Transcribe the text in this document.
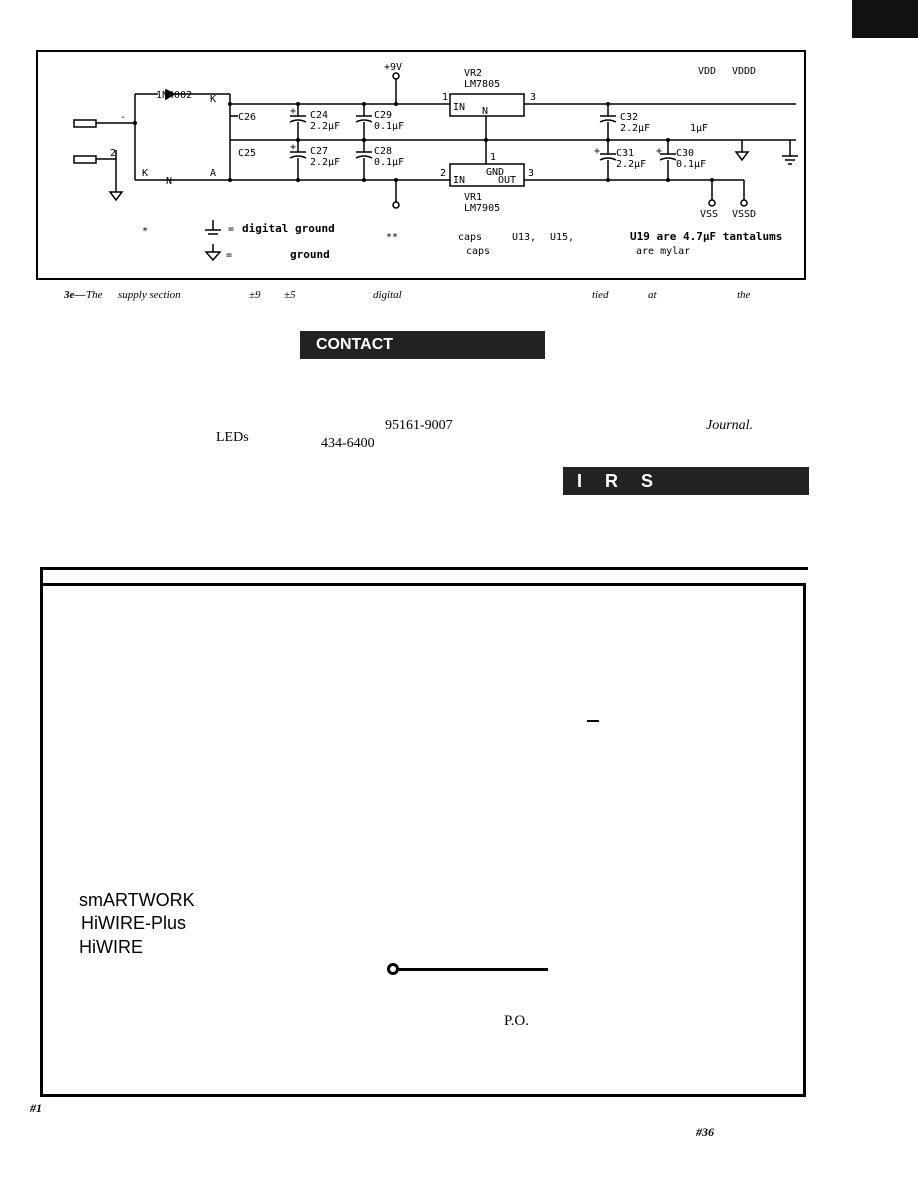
+9V
VR2
LM7805
VDD VDDD
1N4002 K
K	A
N
N
-
2
C26
C25
+ C24
2.2µF
C29
0.1µF
+ C27
2.2µF
C28
0.1µF
IN
1	3
1
GND
IN	OUT
2	3
VR1
LM7905
C32
2.2µF	1µF
+ C31
2.2µF
+ C30
0.1µF
VSS VSSD
*	= digital ground
=	ground
**	caps	U13, U15,	U19 are 4.7µF tantalums
caps	are mylar
3e— The supply section	±9 ±5	digital	tied	at	the
CONTACT
I R S
95161-9007
LEDs	434-6400
Journal.
smARTWORK
HiWIRE-Plus
HiWIRE
P.O.
#1
#36
